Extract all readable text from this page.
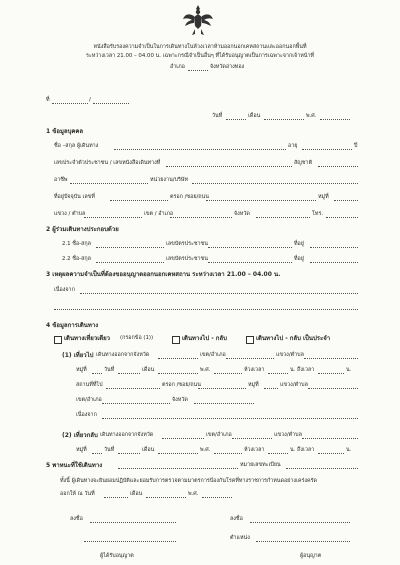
หนังสือรับรองความจำเป็นในการเดินทางในห้วงเวลาห้ามออกนอกเคหสถานและออกนอกพื้นที่
ระหว่างเวลา 21.00 – 04.00 น. เฉพาะกรณีจำเป็นอื่นๆ ที่ได้รับอนุญาตเป็นการเฉพาะจากเจ้าหน้าที่
อำเภอ	จังหวัดอ่างทอง
ที่	/
วันที่	เดือน	พ.ศ.
1 ข้อมูลบุคคล
ชื่อ –สกุล ผู้เดินทาง	อายุ	ปี
เลขประจำตัวประชาชน / เลขหนังสือเดินทางที่	สัญชาติ
อาชีพ	หน่วยงาน/บริษัท
ที่อยู่ปัจจุบัน เลขที่	ตรอก /ซอย/ถนน	หมู่ที่
แขวง / ตำบล	เขต / อำเภอ	จังหวัด	โทร.
2 ผู้ร่วมเดินทางประกอบด้วย
2.1 ชื่อ-สกุล	เลขบัตรประชาชน	ที่อยู่
2.2 ชื่อ-สกุล	เลขบัตรประชาชน	ที่อยู่
3 เหตุผลความจำเป็นที่ต้องขออนุญาตออกนอกเคหสถาน ระหว่างเวลา 21.00 – 04.00 น.
เนื่องจาก
4 ข้อมูลการเดินทาง
เดินทางเที่ยวเดียว (กรอกข้อ (1))	เดินทางไป - กลับ	เดินทางไป - กลับ เป็นประจำ
(1) เที่ยวไป เดินทางออกจากจังหวัด	เขต/อำเภอ	แขวง/ตำบล
หมู่ที่	วันที่	เดือน	พ.ศ.	ห้วงเวลา	น. ถึงเวลา	น.
สถานที่ที่ไป	ตรอก /ซอย/ถนน	หมู่ที่	แขวง/ตำบล
เขต/อำเภอ	จังหวัด
เนื่องจาก
(2) เที่ยวกลับ เดินทางออกจากจังหวัด	เขต/อำเภอ	แขวง/ตำบล
หมู่ที่	วันที่	เดือน	พ.ศ.	ห้วงเวลา	น. ถึงเวลา	น.
5 พาหนะที่ใช้เดินทาง	หมายเลขทะเบียน
ทั้งนี้ ผู้เดินทางจะยินยอมปฏิบัติและยอมรับการตรวจตามมาตรการป้องกันโรคที่ทางราชการกำหนดอย่างเคร่งครัด
ออกให้ ณ วันที่	เดือน	พ.ศ.
ลงชื่อ	ลงชื่อ
ตำแหน่ง
ผู้ได้รับอนุญาต	ผู้อนุญาต
